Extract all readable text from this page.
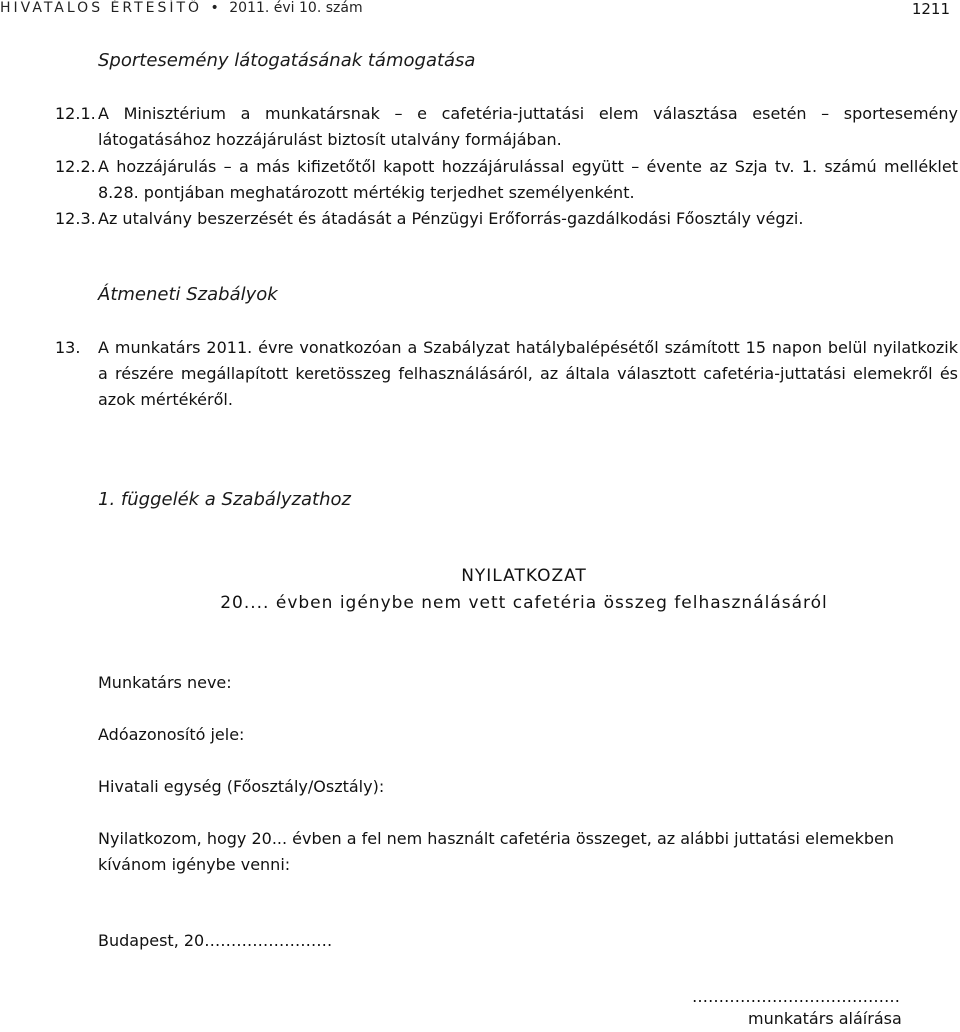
HIVATALOS ÉRTESÍTŐ • 2011. évi 10. szám	1211
Sportesemény látogatásának támogatása
12.1. A Minisztérium a munkatársnak – e cafetéria-juttatási elem választása esetén – sportesemény látogatásához hozzájárulást biztosít utalvány formájában.
12.2. A hozzájárulás – a más kifizetőtől kapott hozzájárulással együtt – évente az Szja tv. 1. számú melléklet 8.28. pontjában meghatározott mértékig terjedhet személyenként.
12.3. Az utalvány beszerzését és átadását a Pénzügyi Erőforrás-gazdálkodási Főosztály végzi.
Átmeneti Szabályok
13. A munkatárs 2011. évre vonatkozóan a Szabályzat hatálybalépésétől számított 15 napon belül nyilatkozik a részére megállapított keretösszeg felhasználásáról, az általa választott cafetéria-juttatási elemekről és azok mértékéről.
1. függelék a Szabályzathoz
NYILATKOZAT
20.... évben igénybe nem vett cafetéria összeg felhasználásáról
Munkatárs neve:
Adóazonosító jele:
Hivatali egység (Főosztály/Osztály):
Nyilatkozom, hogy 20... évben a fel nem használt cafetéria összeget, az alábbi juttatási elemekben kívánom igénybe venni:
Budapest, 20……………………
…………………………………
munkatárs aláírása
